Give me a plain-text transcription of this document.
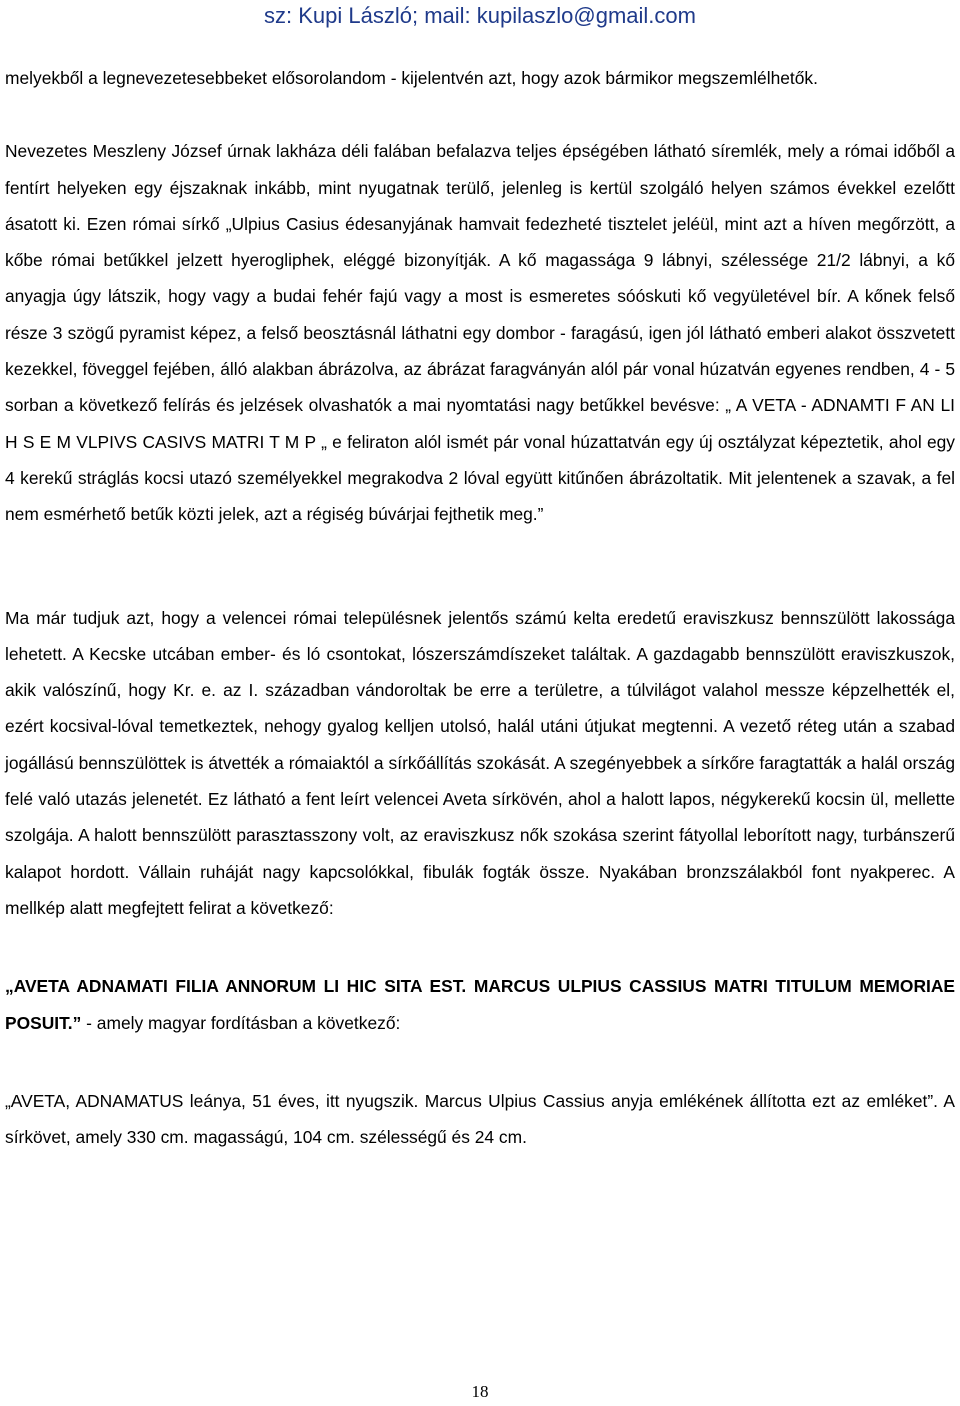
sz: Kupi László; mail: kupilaszlo@gmail.com

melyekből a legnevezetesebbeket elősorolandom - kijelentvén azt, hogy azok bármikor megszemlélhetők.

Nevezetes Meszleny József úrnak lakháza déli falában befalazva teljes épségében látható síremlék, mely a római időből a fentírt helyeken egy éjszaknak inkább, mint nyugatnak terülő, jelenleg is kertül szolgáló helyen számos évekkel ezelőtt ásatott ki. Ezen római sírkő „Ulpius Casius édesanyjának hamvait fedezheté tisztelet jeléül, mint azt a híven megőrzött, a kőbe római betűkkel jelzett hyerogliphek, eléggé bizonyítják. A kő magassága 9 lábnyi, szélessége 21/2 lábnyi, a kő anyagja úgy látszik, hogy vagy a budai fehér fajú vagy a most is esmeretes sóóskuti kő vegyületével bír. A kőnek felső része 3 szögű pyramist képez, a felső beosztásnál láthatni egy dombor - faragású, igen jól látható emberi alakot összvetett kezekkel, föveggel fejében, álló alakban ábrázolva, az ábrázat faragványán alól pár vonal húzatván egyenes rendben, 4 - 5 sorban a következő felírás és jelzések olvashatók a mai nyomtatási nagy betűkkel bevésve: „ A VETA - ADNAMTI F AN LI H S E M VLPIVS CASIVS MATRI T M P „ e feliraton alól ismét pár vonal húzattatván egy új osztályzat képeztetik, ahol egy 4 kerekű stráglás kocsi utazó személyekkel megrakodva 2 lóval együtt kitűnően ábrázoltatik. Mit jelentenek a szavak, a fel nem esmérhető betűk közti jelek, azt a régiség búvárjai fejthetik meg.”

Ma már tudjuk azt, hogy a velencei római településnek jelentős számú kelta eredetű eraviszkusz bennszülött lakossága lehetett. A Kecske utcában ember- és ló csontokat, lószerszámdíszeket találtak. A gazdagabb bennszülött eraviszkuszok, akik valószínű, hogy Kr. e. az I. században vándoroltak be erre a területre, a túlvilágot valahol messze képzelhették el, ezért kocsival-lóval temetkeztek, nehogy gyalog kelljen utolsó, halál utáni útjukat megtenni. A vezető réteg után a szabad jogállású bennszülöttek is átvették a rómaiaktól a sírkőállítás szokását. A szegényebbek a sírkőre faragtatták a halál ország felé való utazás jelenetét. Ez látható a fent leírt velencei Aveta sírkövén, ahol a halott lapos, négykerekű kocsin ül, mellette szolgája. A halott bennszülött parasztasszony volt, az eraviszkusz nők szokása szerint fátyollal leborított nagy, turbánszerű kalapot hordott. Vállain ruháját nagy kapcsolókkal, fibulák fogták össze. Nyakában bronzszálakból font nyakperec. A mellkép alatt megfejtett felirat a következő:

„AVETA ADNAMATI FILIA ANNORUM LI HIC SITA EST. MARCUS ULPIUS CASSIUS MATRI TITULUM MEMORIAE POSUIT.” - amely magyar fordításban a következő:

„AVETA, ADNAMATUS leánya, 51 éves, itt nyugszik. Marcus Ulpius Cassius anyja emlékének állította ezt az emléket”. A sírkövet, amely 330 cm. magasságú, 104 cm. szélességű és 24 cm.

18
